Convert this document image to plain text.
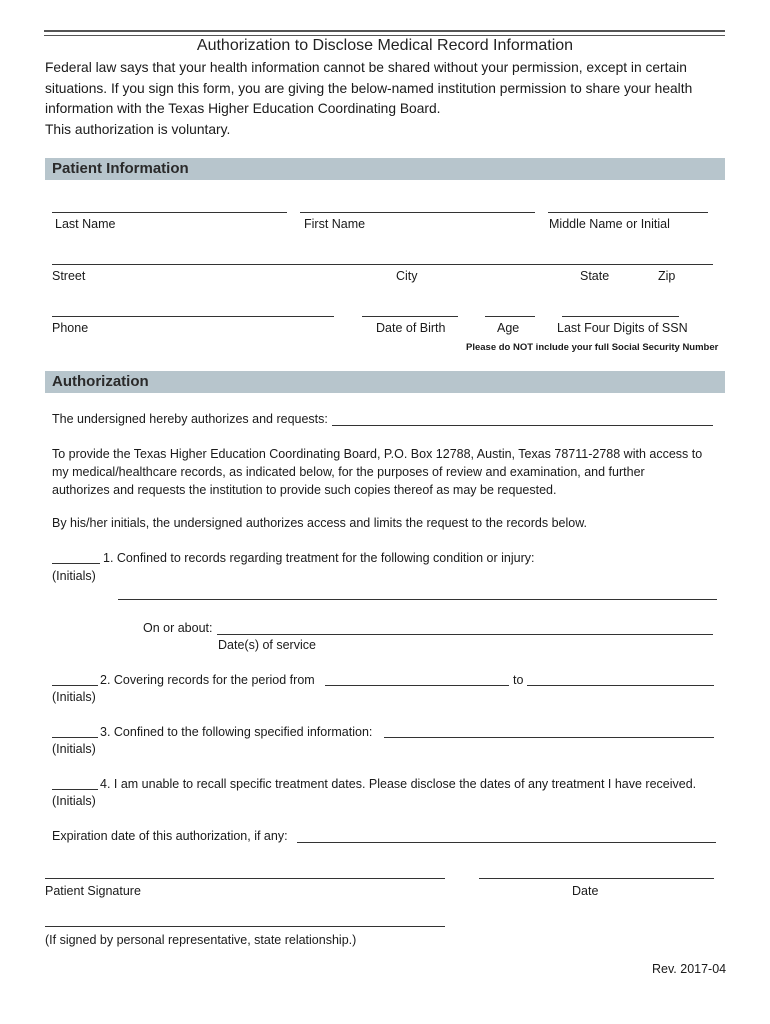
Authorization to Disclose Medical Record Information
Federal law says that your health information cannot be shared without your permission, except in certain
situations. If you sign this form, you are giving the below-named institution permission to share your health
information with the Texas Higher Education Coordinating Board.
This authorization is voluntary.
Patient Information
Last Name	First Name	Middle Name or Initial
Street	City	State	Zip
Phone	Date of Birth	Age	Last Four Digits of SSN
Please do NOT include your full Social Security Number
Authorization
The undersigned hereby authorizes and requests:
To provide the Texas Higher Education Coordinating Board, P.O. Box 12788, Austin, Texas 78711-2788 with access to
my medical/healthcare records, as indicated below, for the purposes of review and examination, and further
authorizes and requests the institution to provide such copies thereof as may be requested.
By his/her initials, the undersigned authorizes access and limits the request to the records below.
1. Confined to records regarding treatment for the following condition or injury:
(Initials)
On or about:
Date(s) of service
2. Covering records for the period from	to
(Initials)
3. Confined to the following specified information:
(Initials)
4. I am unable to recall specific treatment dates. Please disclose the dates of any treatment I have received.
(Initials)
Expiration date of this authorization, if any:
Patient Signature	Date
(If signed by personal representative, state relationship.)
Rev. 2017-04
